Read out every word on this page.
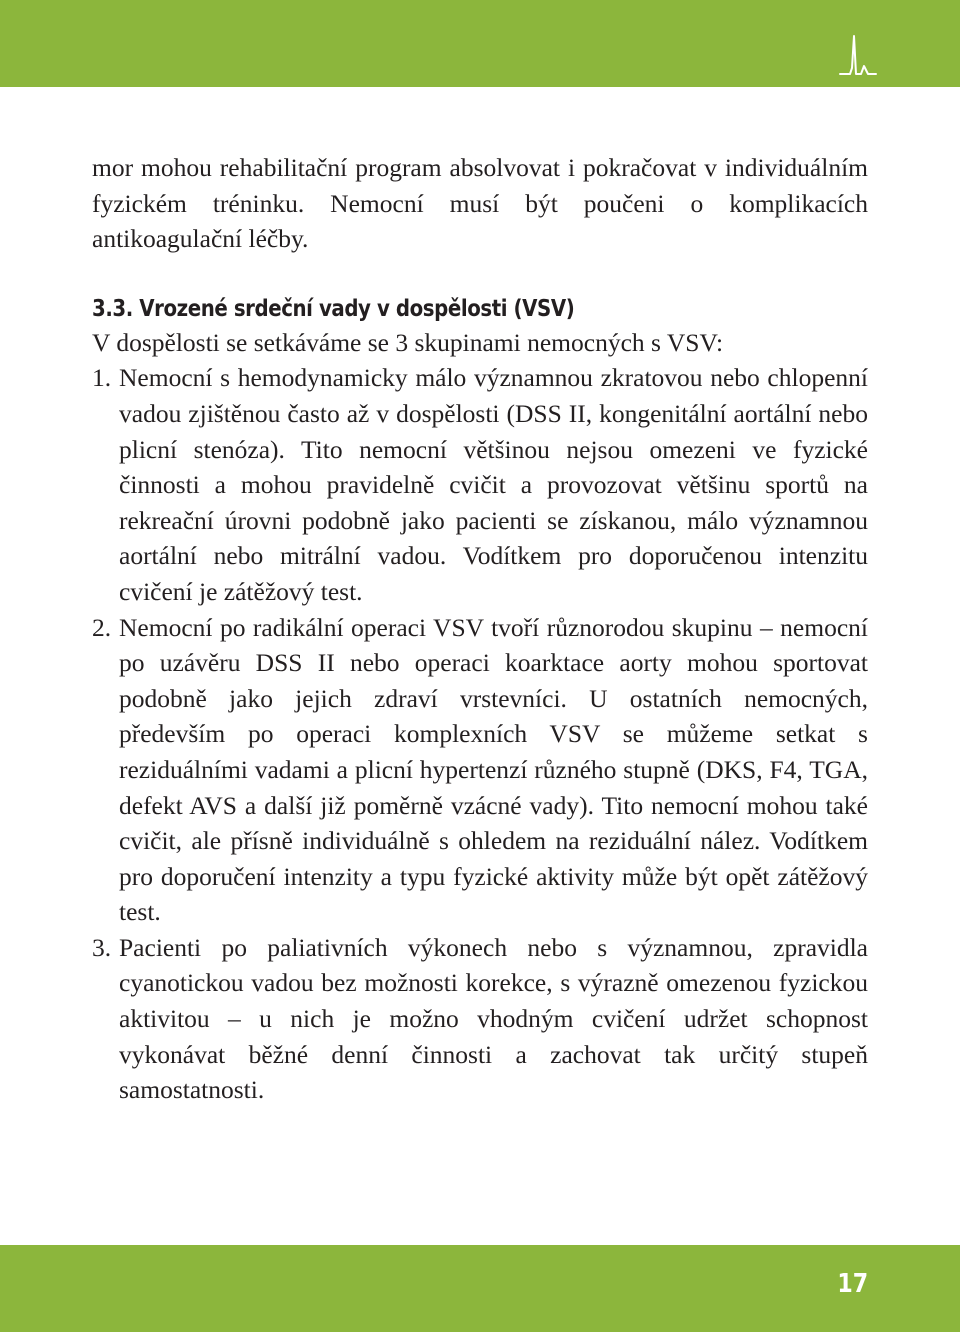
mor mohou rehabilitační program absolvovat i pokračovat v individuálním fyzickém tréninku. Nemocní musí být poučeni o komplikacích antikoagulační léčby.

3.3. Vrozené srdeční vady v dospělosti (VSV)

V dospělosti se setkáváme se 3 skupinami nemocných s VSV:

1. Nemocní s hemodynamicky málo významnou zkratovou nebo chlopenní vadou zjištěnou často až v dospělosti (DSS II, kongenitální aortální nebo plicní stenóza). Tito nemocní většinou nejsou omezeni ve fyzické činnosti a mohou pravidelně cvičit a provozovat většinu sportů na rekreační úrovni podobně jako pacienti se získanou, málo významnou aortální nebo mitrální vadou. Vodítkem pro doporučenou intenzitu cvičení je zátěžový test.
2. Nemocní po radikální operaci VSV tvoří různorodou skupinu – nemocní po uzávěru DSS II nebo operaci koarktace aorty mohou sportovat podobně jako jejich zdraví vrstevníci. U ostatních nemocných, především po operaci komplexních VSV se můžeme setkat s reziduálními vadami a plicní hypertenzí různého stupně (DKS, F4, TGA, defekt AVS a další již poměrně vzácné vady). Tito nemocní mohou také cvičit, ale přísně individuálně s ohledem na reziduální nález. Vodítkem pro doporučení intenzity a typu fyzické aktivity může být opět zátěžový test.
3. Pacienti po paliativních výkonech nebo s významnou, zpravidla cyanotickou vadou bez možnosti korekce, s výrazně omezenou fyzickou aktivitou – u nich je možno vhodným cvičení udržet schopnost vykonávat běžné denní činnosti a zachovat tak určitý stupeň samostatnosti.
17
